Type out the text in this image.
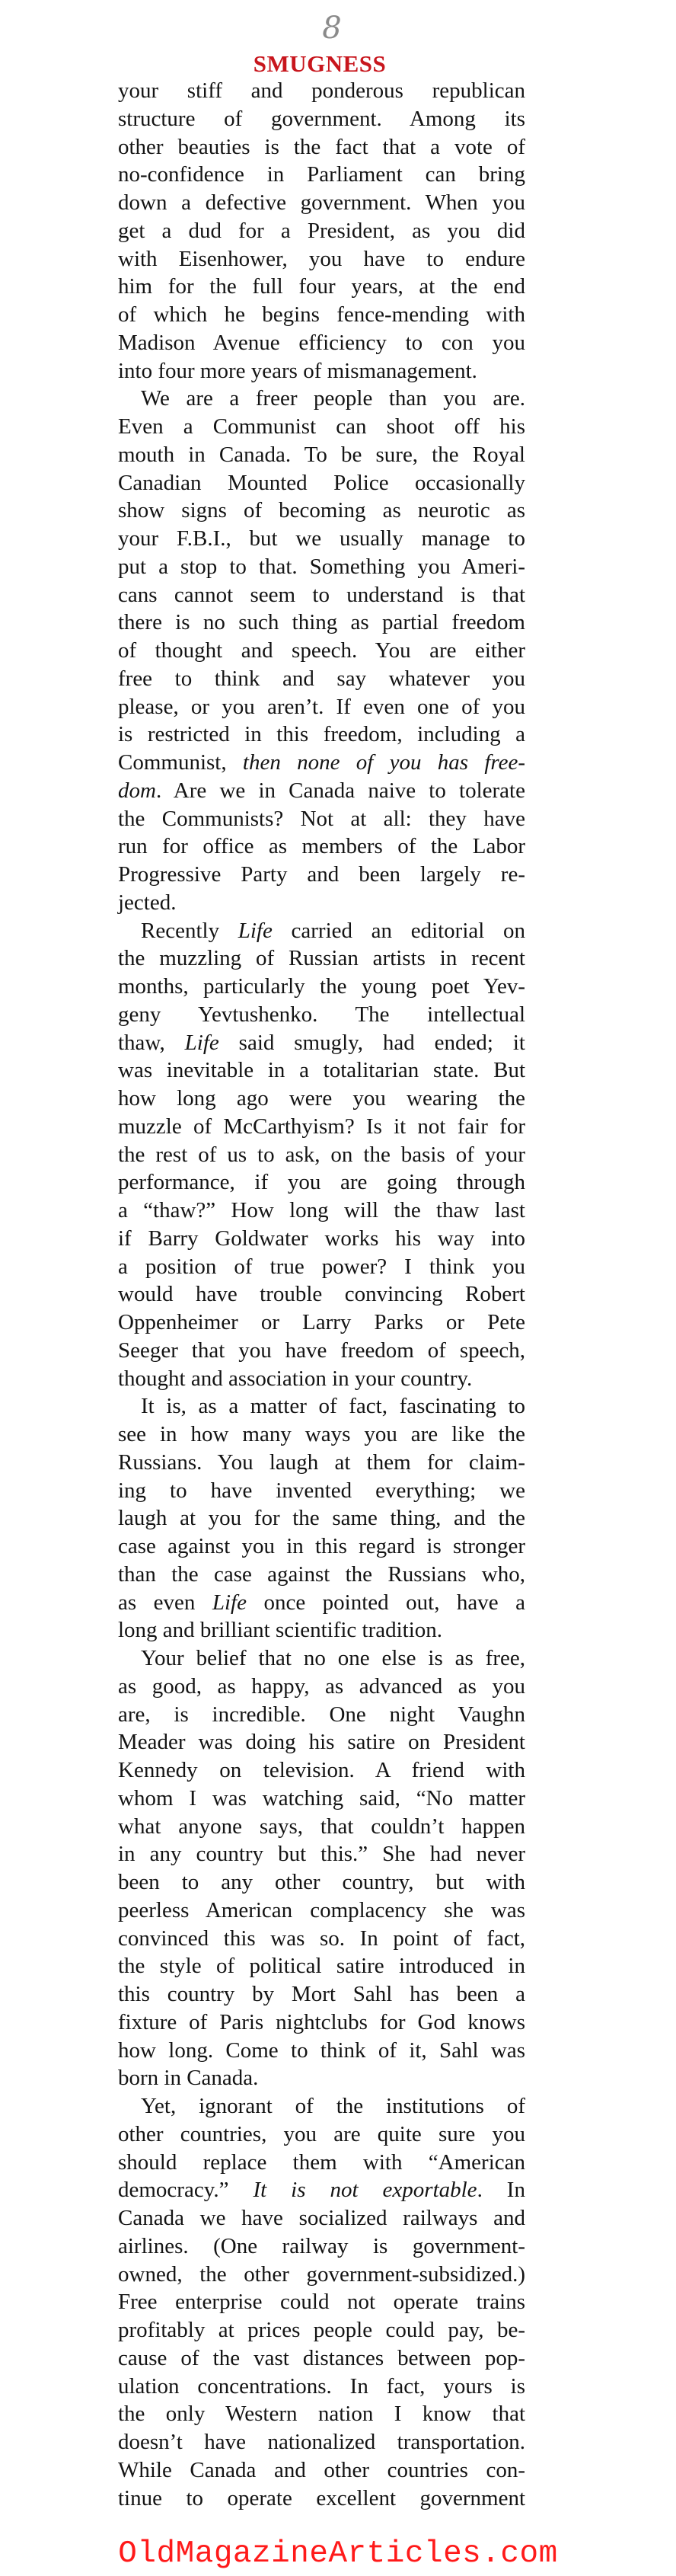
8
SMUGNESS
your stiff and ponderous republican
structure of government. Among its
other beauties is the fact that a vote of
no-confidence in Parliament can bring
down a defective government. When you
get a dud for a President, as you did
with Eisenhower, you have to endure
him for the full four years, at the end
of which he begins fence-mending with
Madison Avenue efficiency to con you
into four more years of mismanagement.
We are a freer people than you are.
Even a Communist can shoot off his
mouth in Canada. To be sure, the Royal
Canadian Mounted Police occasionally
show signs of becoming as neurotic as
your F.B.I., but we usually manage to
put a stop to that. Something you Ameri-
cans cannot seem to understand is that
there is no such thing as partial freedom
of thought and speech. You are either
free to think and say whatever you
please, or you aren’t. If even one of you
is restricted in this freedom, including a
Communist, then none of you has free-
dom. Are we in Canada naive to tolerate
the Communists? Not at all: they have
run for office as members of the Labor
Progressive Party and been largely re-
jected.
Recently Life carried an editorial on
the muzzling of Russian artists in recent
months, particularly the young poet Yev-
geny Yevtushenko. The intellectual
thaw, Life said smugly, had ended; it
was inevitable in a totalitarian state. But
how long ago were you wearing the
muzzle of McCarthyism? Is it not fair for
the rest of us to ask, on the basis of your
performance, if you are going through
a “thaw?” How long will the thaw last
if Barry Goldwater works his way into
a position of true power? I think you
would have trouble convincing Robert
Oppenheimer or Larry Parks or Pete
Seeger that you have freedom of speech,
thought and association in your country.
It is, as a matter of fact, fascinating to
see in how many ways you are like the
Russians. You laugh at them for claim-
ing to have invented everything; we
laugh at you for the same thing, and the
case against you in this regard is stronger
than the case against the Russians who,
as even Life once pointed out, have a
long and brilliant scientific tradition.
Your belief that no one else is as free,
as good, as happy, as advanced as you
are, is incredible. One night Vaughn
Meader was doing his satire on President
Kennedy on television. A friend with
whom I was watching said, “No matter
what anyone says, that couldn’t happen
in any country but this.” She had never
been to any other country, but with
peerless American complacency she was
convinced this was so. In point of fact,
the style of political satire introduced in
this country by Mort Sahl has been a
fixture of Paris nightclubs for God knows
how long. Come to think of it, Sahl was
born in Canada.
Yet, ignorant of the institutions of
other countries, you are quite sure you
should replace them with “American
democracy.” It is not exportable. In
Canada we have socialized railways and
airlines. (One railway is government-
owned, the other government-subsidized.)
Free enterprise could not operate trains
profitably at prices people could pay, be-
cause of the vast distances between pop-
ulation concentrations. In fact, yours is
the only Western nation I know that
doesn’t have nationalized transportation.
While Canada and other countries con-
tinue to operate excellent government
OldMagazineArticles.com
